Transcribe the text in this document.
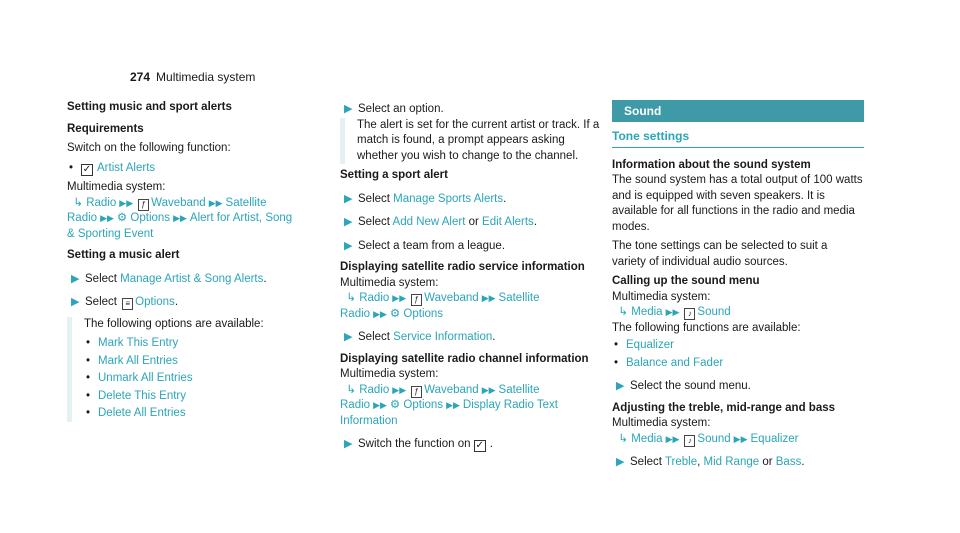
274 Multimedia system
Setting music and sport alerts
Requirements

Switch on the following function:

• ✓ Artist Alerts

Multimedia system:

↳ Radio ▶▶ ƒ Waveband ▶▶ Satellite Radio ▶▶ ⚙ Options ▶▶ Alert for Artist, Song & Sporting Event
Setting a music alert
▶ Select Manage Artist & Song Alerts.
▶ Select ≡ Options.

The following options are available:

• Mark This Entry
• Mark All Entries
• Unmark All Entries
• Delete This Entry
• Delete All Entries
▶ Select an option.

The alert is set for the current artist or track. If a match is found, a prompt appears asking whether you wish to change to the channel.

Setting a sport alert
▶ Select Manage Sports Alerts.
▶ Select Add New Alert or Edit Alerts.
▶ Select a team from a league.
Displaying satellite radio service information

Multimedia system:

↳ Radio ▶▶ ƒ Waveband ▶▶ Satellite Radio ▶▶ ⚙ Options
▶ Select Service Information.
Displaying satellite radio channel information

Multimedia system:

↳ Radio ▶▶ ƒ Waveband ▶▶ Satellite Radio ▶▶ ⚙ Options ▶▶ Display Radio Text Information
▶ Switch the function on ✓ .
Sound
Tone settings
Information about the sound system

The sound system has a total output of 100 watts and is equipped with seven speakers. It is available for all functions in the radio and media modes.

The tone settings can be selected to suit a variety of individual audio sources.

Calling up the sound menu

Multimedia system:

↳ Media ▶▶ ♪ Sound

The following functions are available:

• Equalizer
• Balance and Fader
▶ Select the sound menu.
Adjusting the treble, mid-range and bass

Multimedia system:

↳ Media ▶▶ ♪ Sound ▶▶ Equalizer
▶ Select Treble, Mid Range or Bass.
